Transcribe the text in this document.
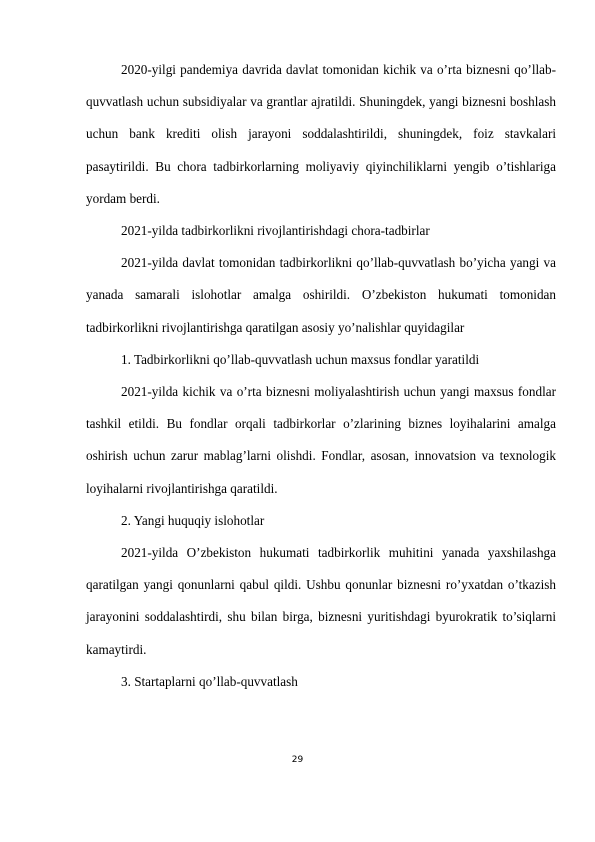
2020-yilgi pandemiya davrida davlat tomonidan kichik va o’rta biznesni qo’llab-quvvatlash uchun subsidiyalar va grantlar ajratildi. Shuningdek, yangi biznesni boshlash uchun bank krediti olish jarayoni soddalashtirildi, shuningdek, foiz stavkalari pasaytirildi. Bu chora tadbirkorlarning moliyaviy qiyinchiliklarni yengib o’tishlariga yordam berdi.

2021-yilda tadbirkorlikni rivojlantirishdagi chora-tadbirlar

2021-yilda davlat tomonidan tadbirkorlikni qo’llab-quvvatlash bo’yicha yangi va yanada samarali islohotlar amalga oshirildi. O’zbekiston hukumati tomonidan tadbirkorlikni rivojlantirishga qaratilgan asosiy yo’nalishlar quyidagilar

1. Tadbirkorlikni qo’llab-quvvatlash uchun maxsus fondlar yaratildi

2021-yilda kichik va o’rta biznesni moliyalashtirish uchun yangi maxsus fondlar tashkil etildi. Bu fondlar orqali tadbirkorlar o’zlarining biznes loyihalarini amalga oshirish uchun zarur mablag’larni olishdi. Fondlar, asosan, innovatsion va texnologik loyihalarni rivojlantirishga qaratildi.

2. Yangi huquqiy islohotlar

2021-yilda O’zbekiston hukumati tadbirkorlik muhitini yanada yaxshilashga qaratilgan yangi qonunlarni qabul qildi. Ushbu qonunlar biznesni ro’yxatdan o’tkazish jarayonini soddalashtirdi, shu bilan birga, biznesni yuritishdagi byurokratik to’siqlarni kamaytirdi.

3. Startaplarni qo’llab-quvvatlash

29
